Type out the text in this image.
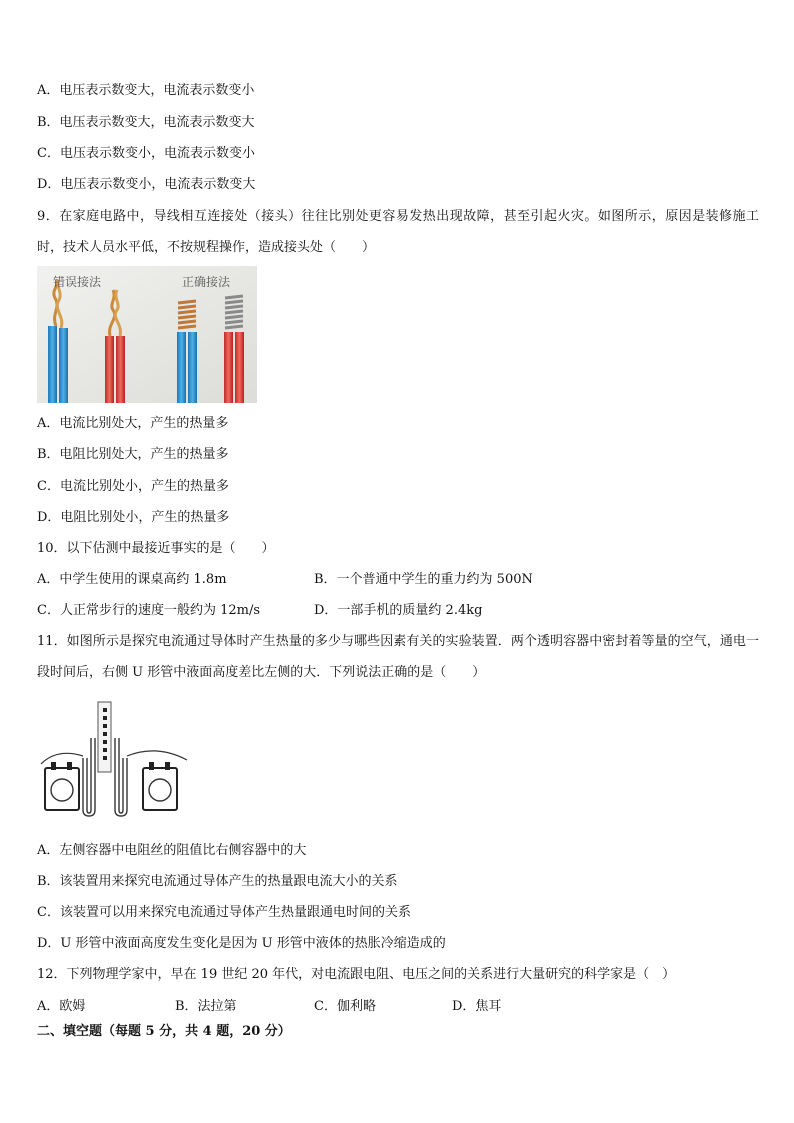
A．电压表示数变大，电流表示数变小
B．电压表示数变大，电流表示数变大
C．电压表示数变小，电流表示数变小
D．电压表示数变小，电流表示数变大
9．在家庭电路中，导线相互连接处（接头）往往比别处更容易发热出现故障，甚至引起火灾。如图所示，原因是装修施工时，技术人员水平低，不按规程操作，造成接头处（　　）
错误接法	正确接法
A．电流比别处大，产生的热量多
B．电阻比别处大，产生的热量多
C．电流比别处小，产生的热量多
D．电阻比别处小，产生的热量多
10．以下估测中最接近事实的是（　　）
A．中学生使用的课桌高约 1.8m	B．一个普通中学生的重力约为 500N
C．人正常步行的速度一般约为 12m/s	D．一部手机的质量约 2.4kg
11．如图所示是探究电流通过导体时产生热量的多少与哪些因素有关的实验装置．两个透明容器中密封着等量的空气，通电一段时间后，右侧 U 形管中液面高度差比左侧的大．下列说法正确的是（　　）
A．左侧容器中电阻丝的阻值比右侧容器中的大
B．该装置用来探究电流通过导体产生的热量跟电流大小的关系
C．该装置可以用来探究电流通过导体产生热量跟通电时间的关系
D．U 形管中液面高度发生变化是因为 U 形管中液体的热胀冷缩造成的
12．下列物理学家中，早在 19 世纪 20 年代，对电流跟电阻、电压之间的关系进行大量研究的科学家是（　）
A．欧姆	B．法拉第	C．伽利略	D．焦耳
二、填空题（每题 5 分，共 4 题，20 分）
